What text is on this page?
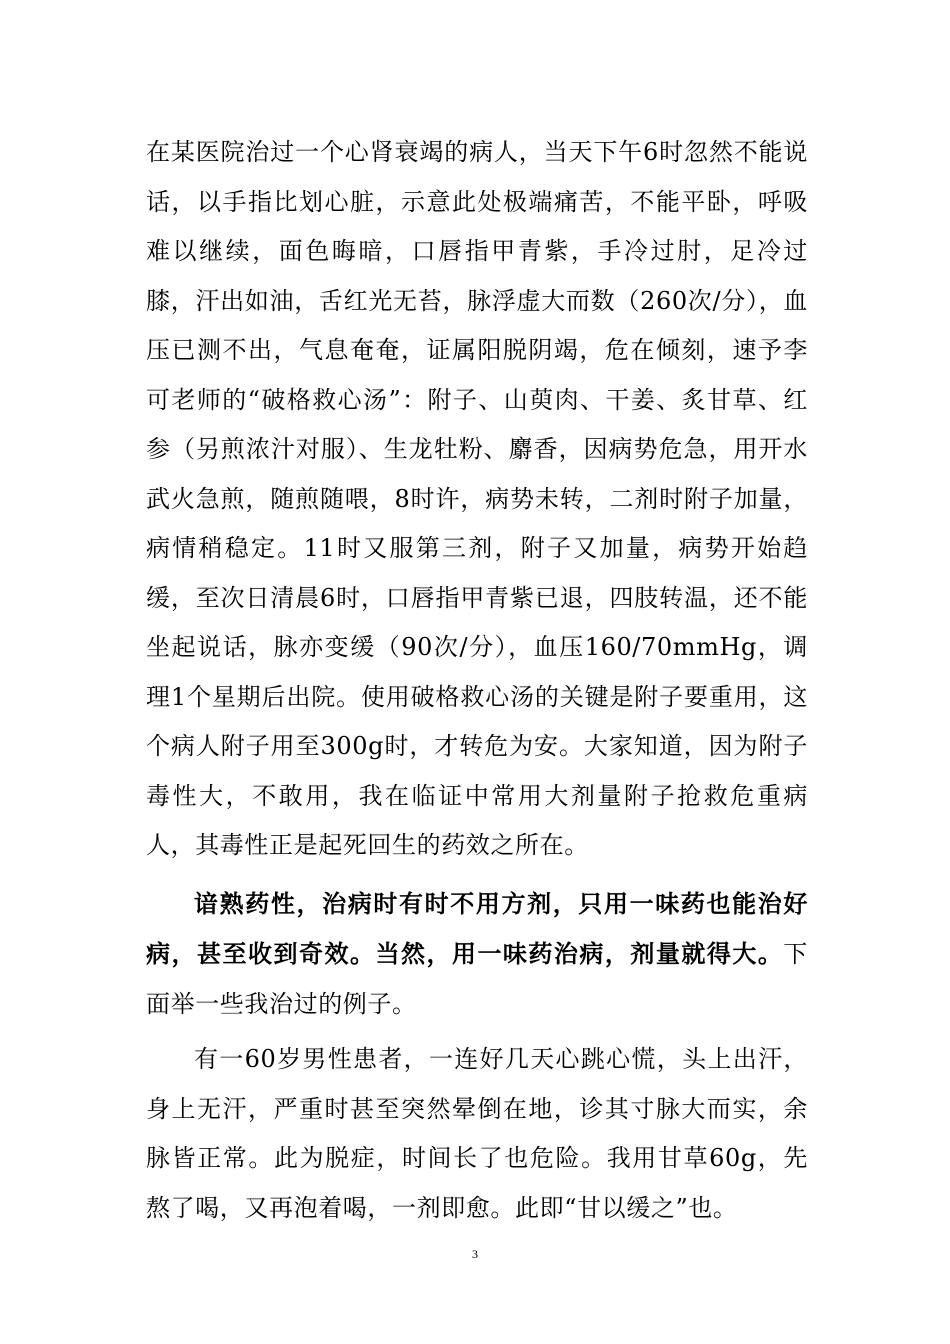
在某医院治过一个心肾衰竭的病人，当天下午6时忽然不能说话，以手指比划心脏，示意此处极端痛苦，不能平卧，呼吸难以继续，面色晦暗，口唇指甲青紫，手冷过肘，足冷过膝，汗出如油，舌红光无苔，脉浮虚大而数（260次/分），血压已测不出，气息奄奄，证属阳脱阴竭，危在倾刻，速予李可老师的“破格救心汤”：附子、山萸肉、干姜、炙甘草、红参（另煎浓汁对服）、生龙牡粉、麝香，因病势危急，用开水武火急煎，随煎随喂，8时许，病势未转，二剂时附子加量，病情稍稳定。11时又服第三剂，附子又加量，病势开始趋缓，至次日清晨6时，口唇指甲青紫已退，四肢转温，还不能坐起说话，脉亦变缓（90次/分），血压160/70mmHg，调理1个星期后出院。使用破格救心汤的关键是附子要重用，这个病人附子用至300g时，才转危为安。大家知道，因为附子毒性大，不敢用，我在临证中常用大剂量附子抢救危重病人，其毒性正是起死回生的药效之所在。

谙熟药性，治病时有时不用方剂，只用一味药也能治好病，甚至收到奇效。当然，用一味药治病，剂量就得大。下面举一些我治过的例子。

有一60岁男性患者，一连好几天心跳心慌，头上出汗，身上无汗，严重时甚至突然晕倒在地，诊其寸脉大而实，余脉皆正常。此为脱症，时间长了也危险。我用甘草60g，先熬了喝，又再泡着喝，一剂即愈。此即“甘以缓之”也。

3
